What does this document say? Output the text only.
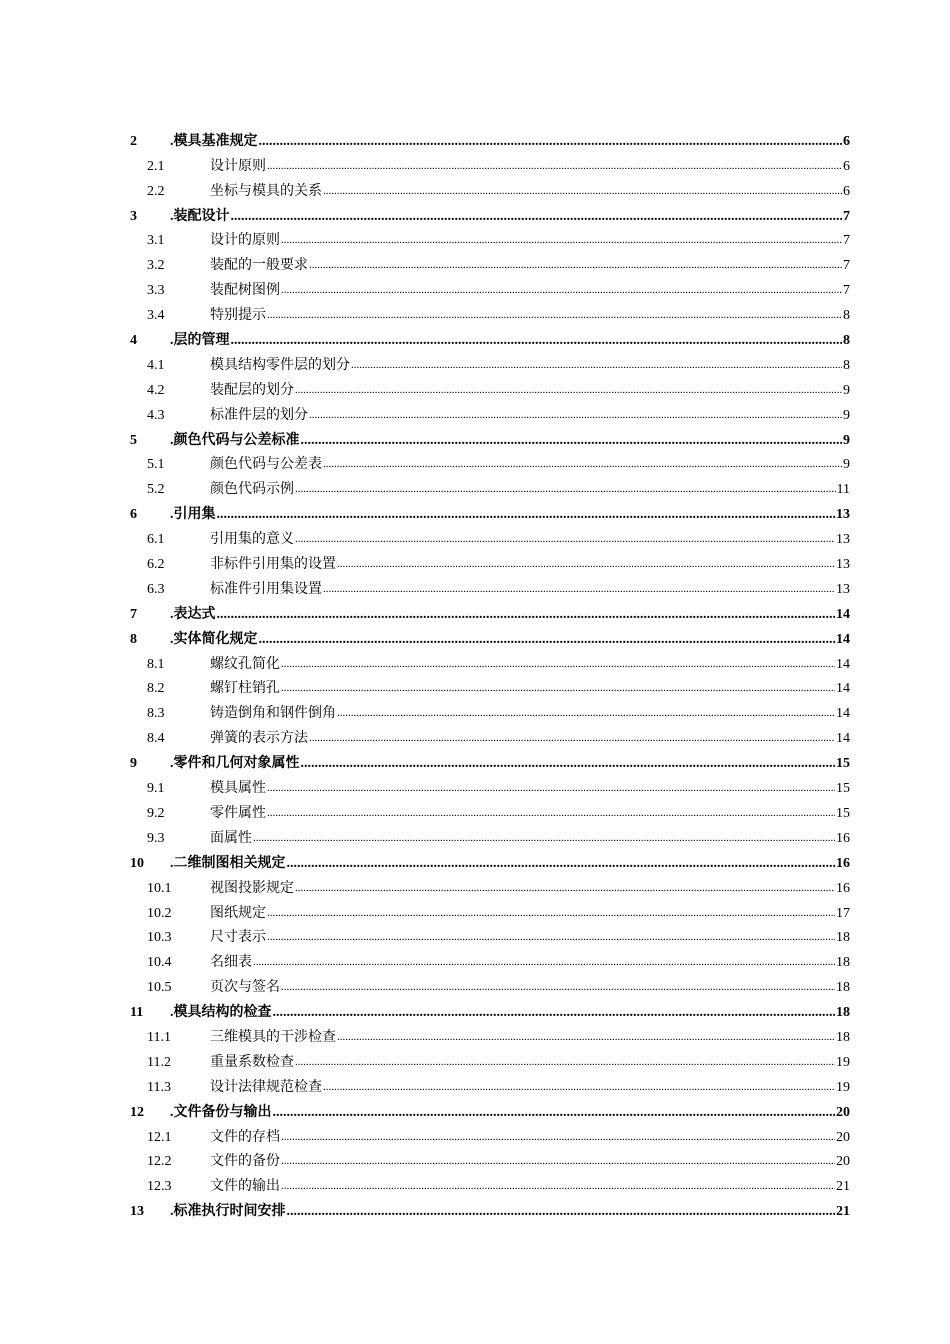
2	.模具基准规定 .....	6
2.1	设计原则 .....	6
2.2	坐标与模具的关系 .....	6
3	.装配设计 .....	7
3.1	设计的原则 .....	7
3.2	装配的一般要求 .....	7
3.3	装配树图例 .....	7
3.4	特别提示 .....	8
4	.层的管理 .....	8
4.1	模具结构零件层的划分 .....	8
4.2	装配层的划分 .....	9
4.3	标准件层的划分 .....	9
5	.颜色代码与公差标准 .....	9
5.1	颜色代码与公差表 .....	9
5.2	颜色代码示例 .....	11
6	.引用集 .....	13
6.1	引用集的意义 .....	13
6.2	非标件引用集的设置 .....	13
6.3	标准件引用集设置 .....	13
7	.表达式 .....	14
8	.实体简化规定 .....	14
8.1	螺纹孔简化 .....	14
8.2	螺钉柱销孔 .....	14
8.3	铸造倒角和钢件倒角 .....	14
8.4	弹簧的表示方法 .....	14
9	.零件和几何对象属性 .....	15
9.1	模具属性 .....	15
9.2	零件属性 .....	15
9.3	面属性 .....	16
10	.二维制图相关规定 .....	16
10.1	视图投影规定 .....	16
10.2	图纸规定 .....	17
10.3	尺寸表示 .....	18
10.4	名细表 .....	18
10.5	页次与签名 .....	18
11	.模具结构的检查 .....	18
11.1	三维模具的干涉检查 .....	18
11.2	重量系数检查 .....	19
11.3	设计法律规范检查 .....	19
12	.文件备份与输出 .....	20
12.1	文件的存档 .....	20
12.2	文件的备份 .....	20
12.3	文件的输出 .....	21
13	.标准执行时间安排 .....	21
